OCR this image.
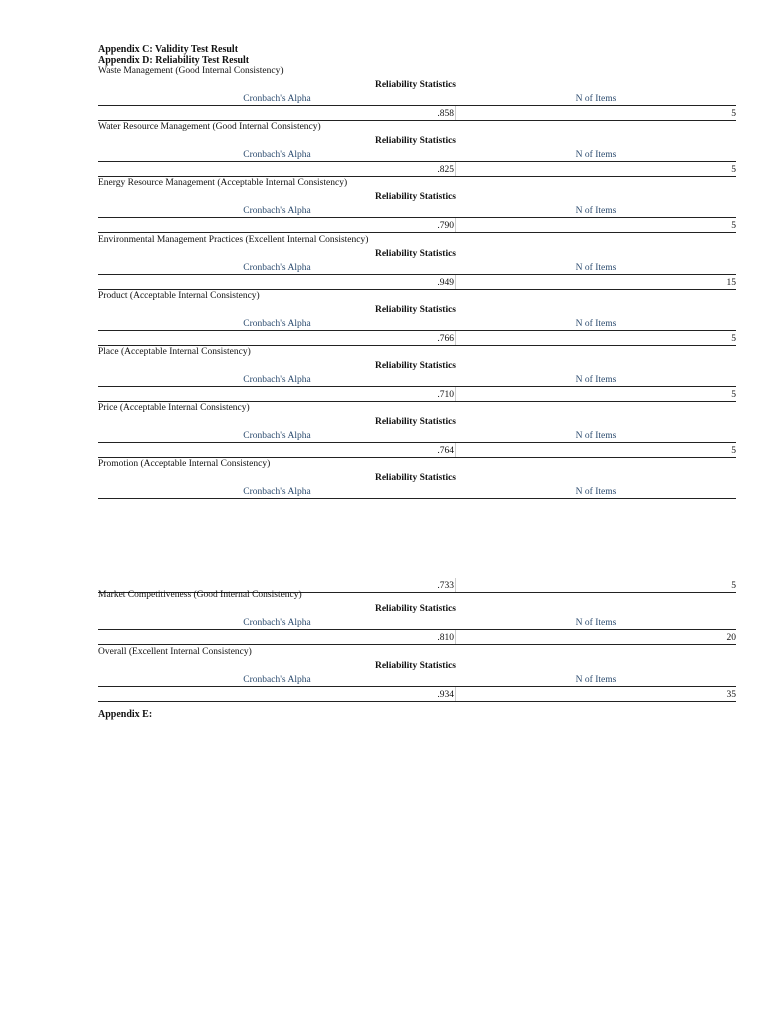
Appendix C: Validity Test Result
Appendix D: Reliability Test Result
Waste Management (Good Internal Consistency)
Reliability Statistics
Cronbach's Alpha	N of Items
.858	5
Water Resource Management (Good Internal Consistency)
Reliability Statistics
Cronbach's Alpha	N of Items
.825	5
Energy Resource Management (Acceptable Internal Consistency)
Reliability Statistics
Cronbach's Alpha	N of Items
.790	5
Environmental Management Practices (Excellent Internal Consistency)
Reliability Statistics
Cronbach's Alpha	N of Items
.949	15
Product (Acceptable Internal Consistency)
Reliability Statistics
Cronbach's Alpha	N of Items
.766	5
Place (Acceptable Internal Consistency)
Reliability Statistics
Cronbach's Alpha	N of Items
.710	5
Price (Acceptable Internal Consistency)
Reliability Statistics
Cronbach's Alpha	N of Items
.764	5
Promotion (Acceptable Internal Consistency)
Reliability Statistics
Cronbach's Alpha	N of Items
.733	5
Market Competitiveness (Good Internal Consistency)
Reliability Statistics
Cronbach's Alpha	N of Items
.810	20
Overall (Excellent Internal Consistency)
Reliability Statistics
Cronbach's Alpha	N of Items
.934	35
Appendix E:
